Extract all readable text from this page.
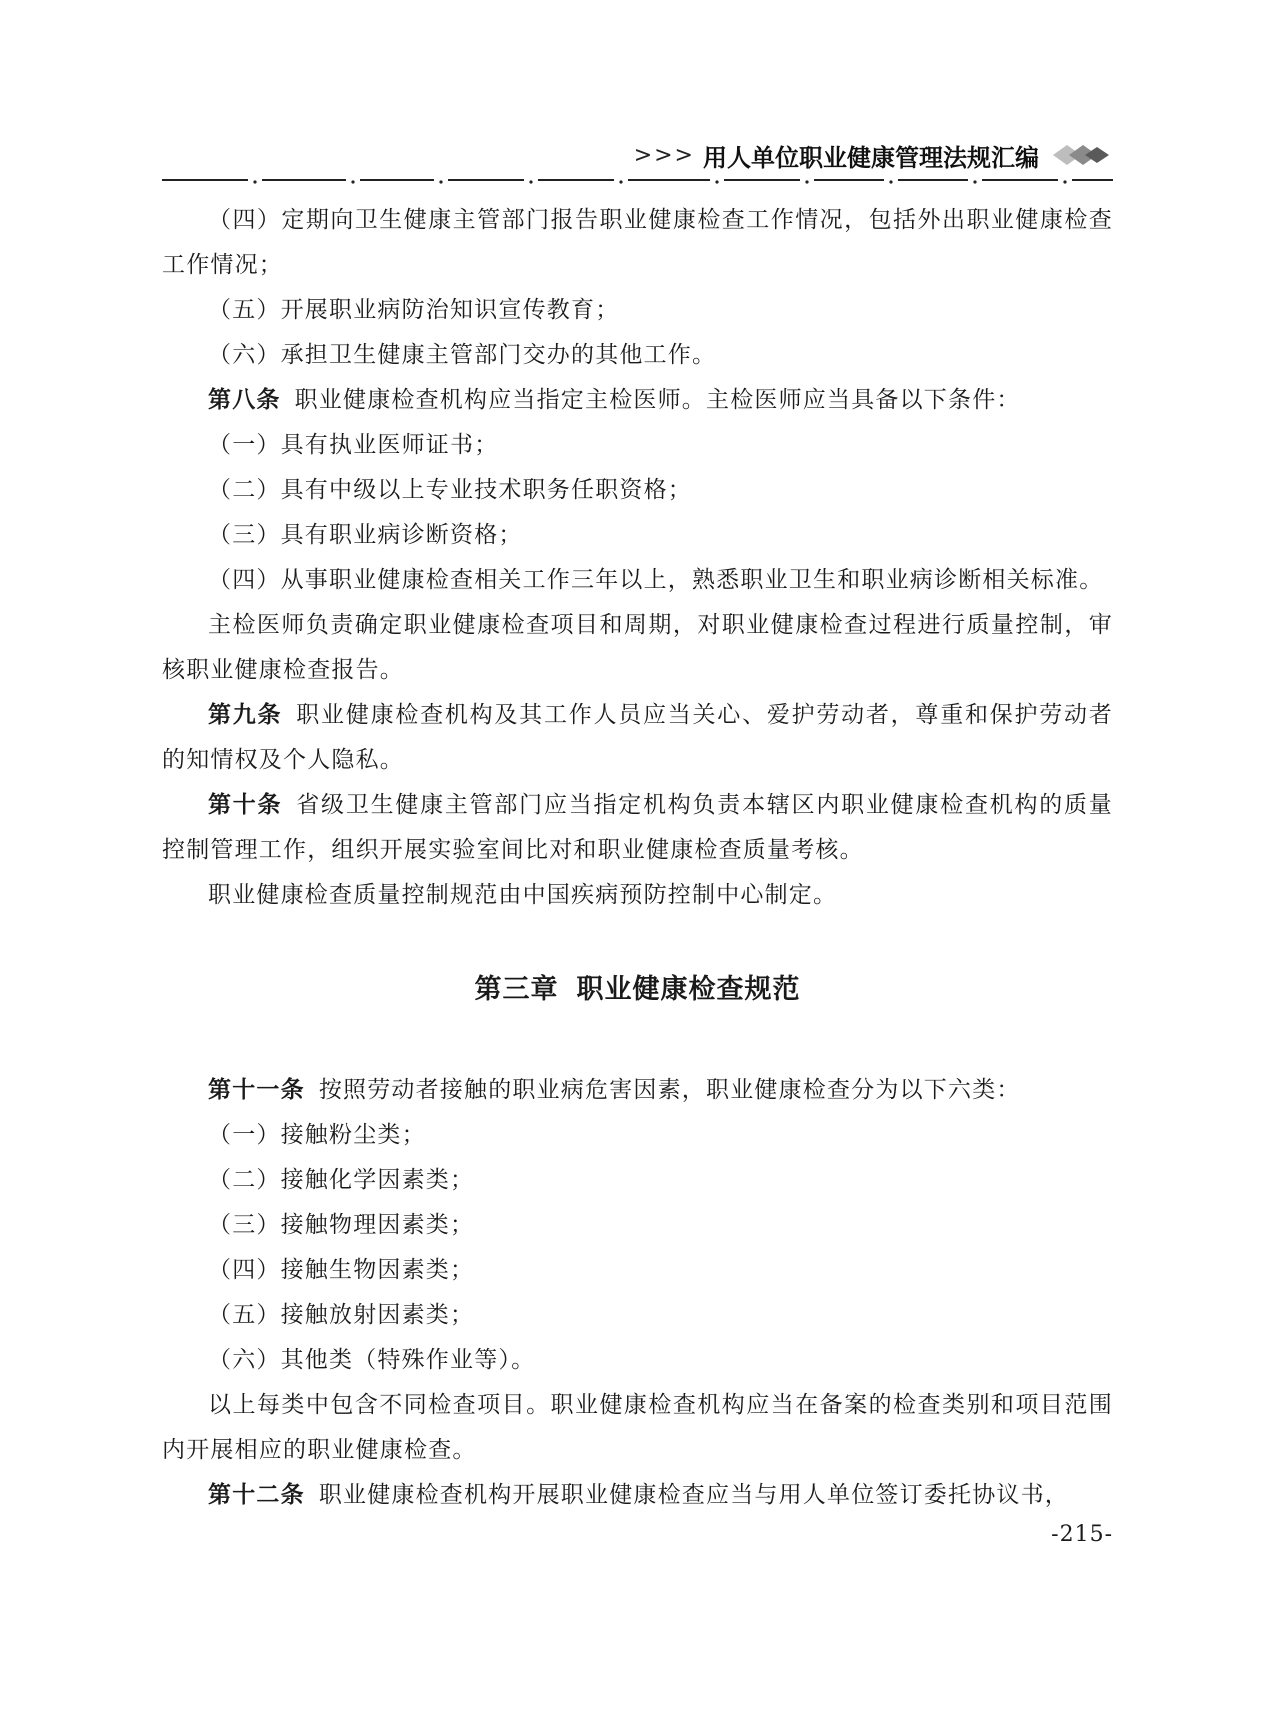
>>> 用人单位职业健康管理法规汇编

（四）定期向卫生健康主管部门报告职业健康检查工作情况，包括外出职业健康检查工作情况；

（五）开展职业病防治知识宣传教育；

（六）承担卫生健康主管部门交办的其他工作。

第八条 职业健康检查机构应当指定主检医师。主检医师应当具备以下条件：

（一）具有执业医师证书；

（二）具有中级以上专业技术职务任职资格；

（三）具有职业病诊断资格；

（四）从事职业健康检查相关工作三年以上，熟悉职业卫生和职业病诊断相关标准。

主检医师负责确定职业健康检查项目和周期，对职业健康检查过程进行质量控制，审核职业健康检查报告。

第九条 职业健康检查机构及其工作人员应当关心、爱护劳动者，尊重和保护劳动者的知情权及个人隐私。

第十条 省级卫生健康主管部门应当指定机构负责本辖区内职业健康检查机构的质量控制管理工作，组织开展实验室间比对和职业健康检查质量考核。

职业健康检查质量控制规范由中国疾病预防控制中心制定。

第三章 职业健康检查规范

第十一条 按照劳动者接触的职业病危害因素，职业健康检查分为以下六类：

（一）接触粉尘类；

（二）接触化学因素类；

（三）接触物理因素类；

（四）接触生物因素类；

（五）接触放射因素类；

（六）其他类（特殊作业等）。

以上每类中包含不同检查项目。职业健康检查机构应当在备案的检查类别和项目范围内开展相应的职业健康检查。

第十二条 职业健康检查机构开展职业健康检查应当与用人单位签订委托协议书，

-215-
